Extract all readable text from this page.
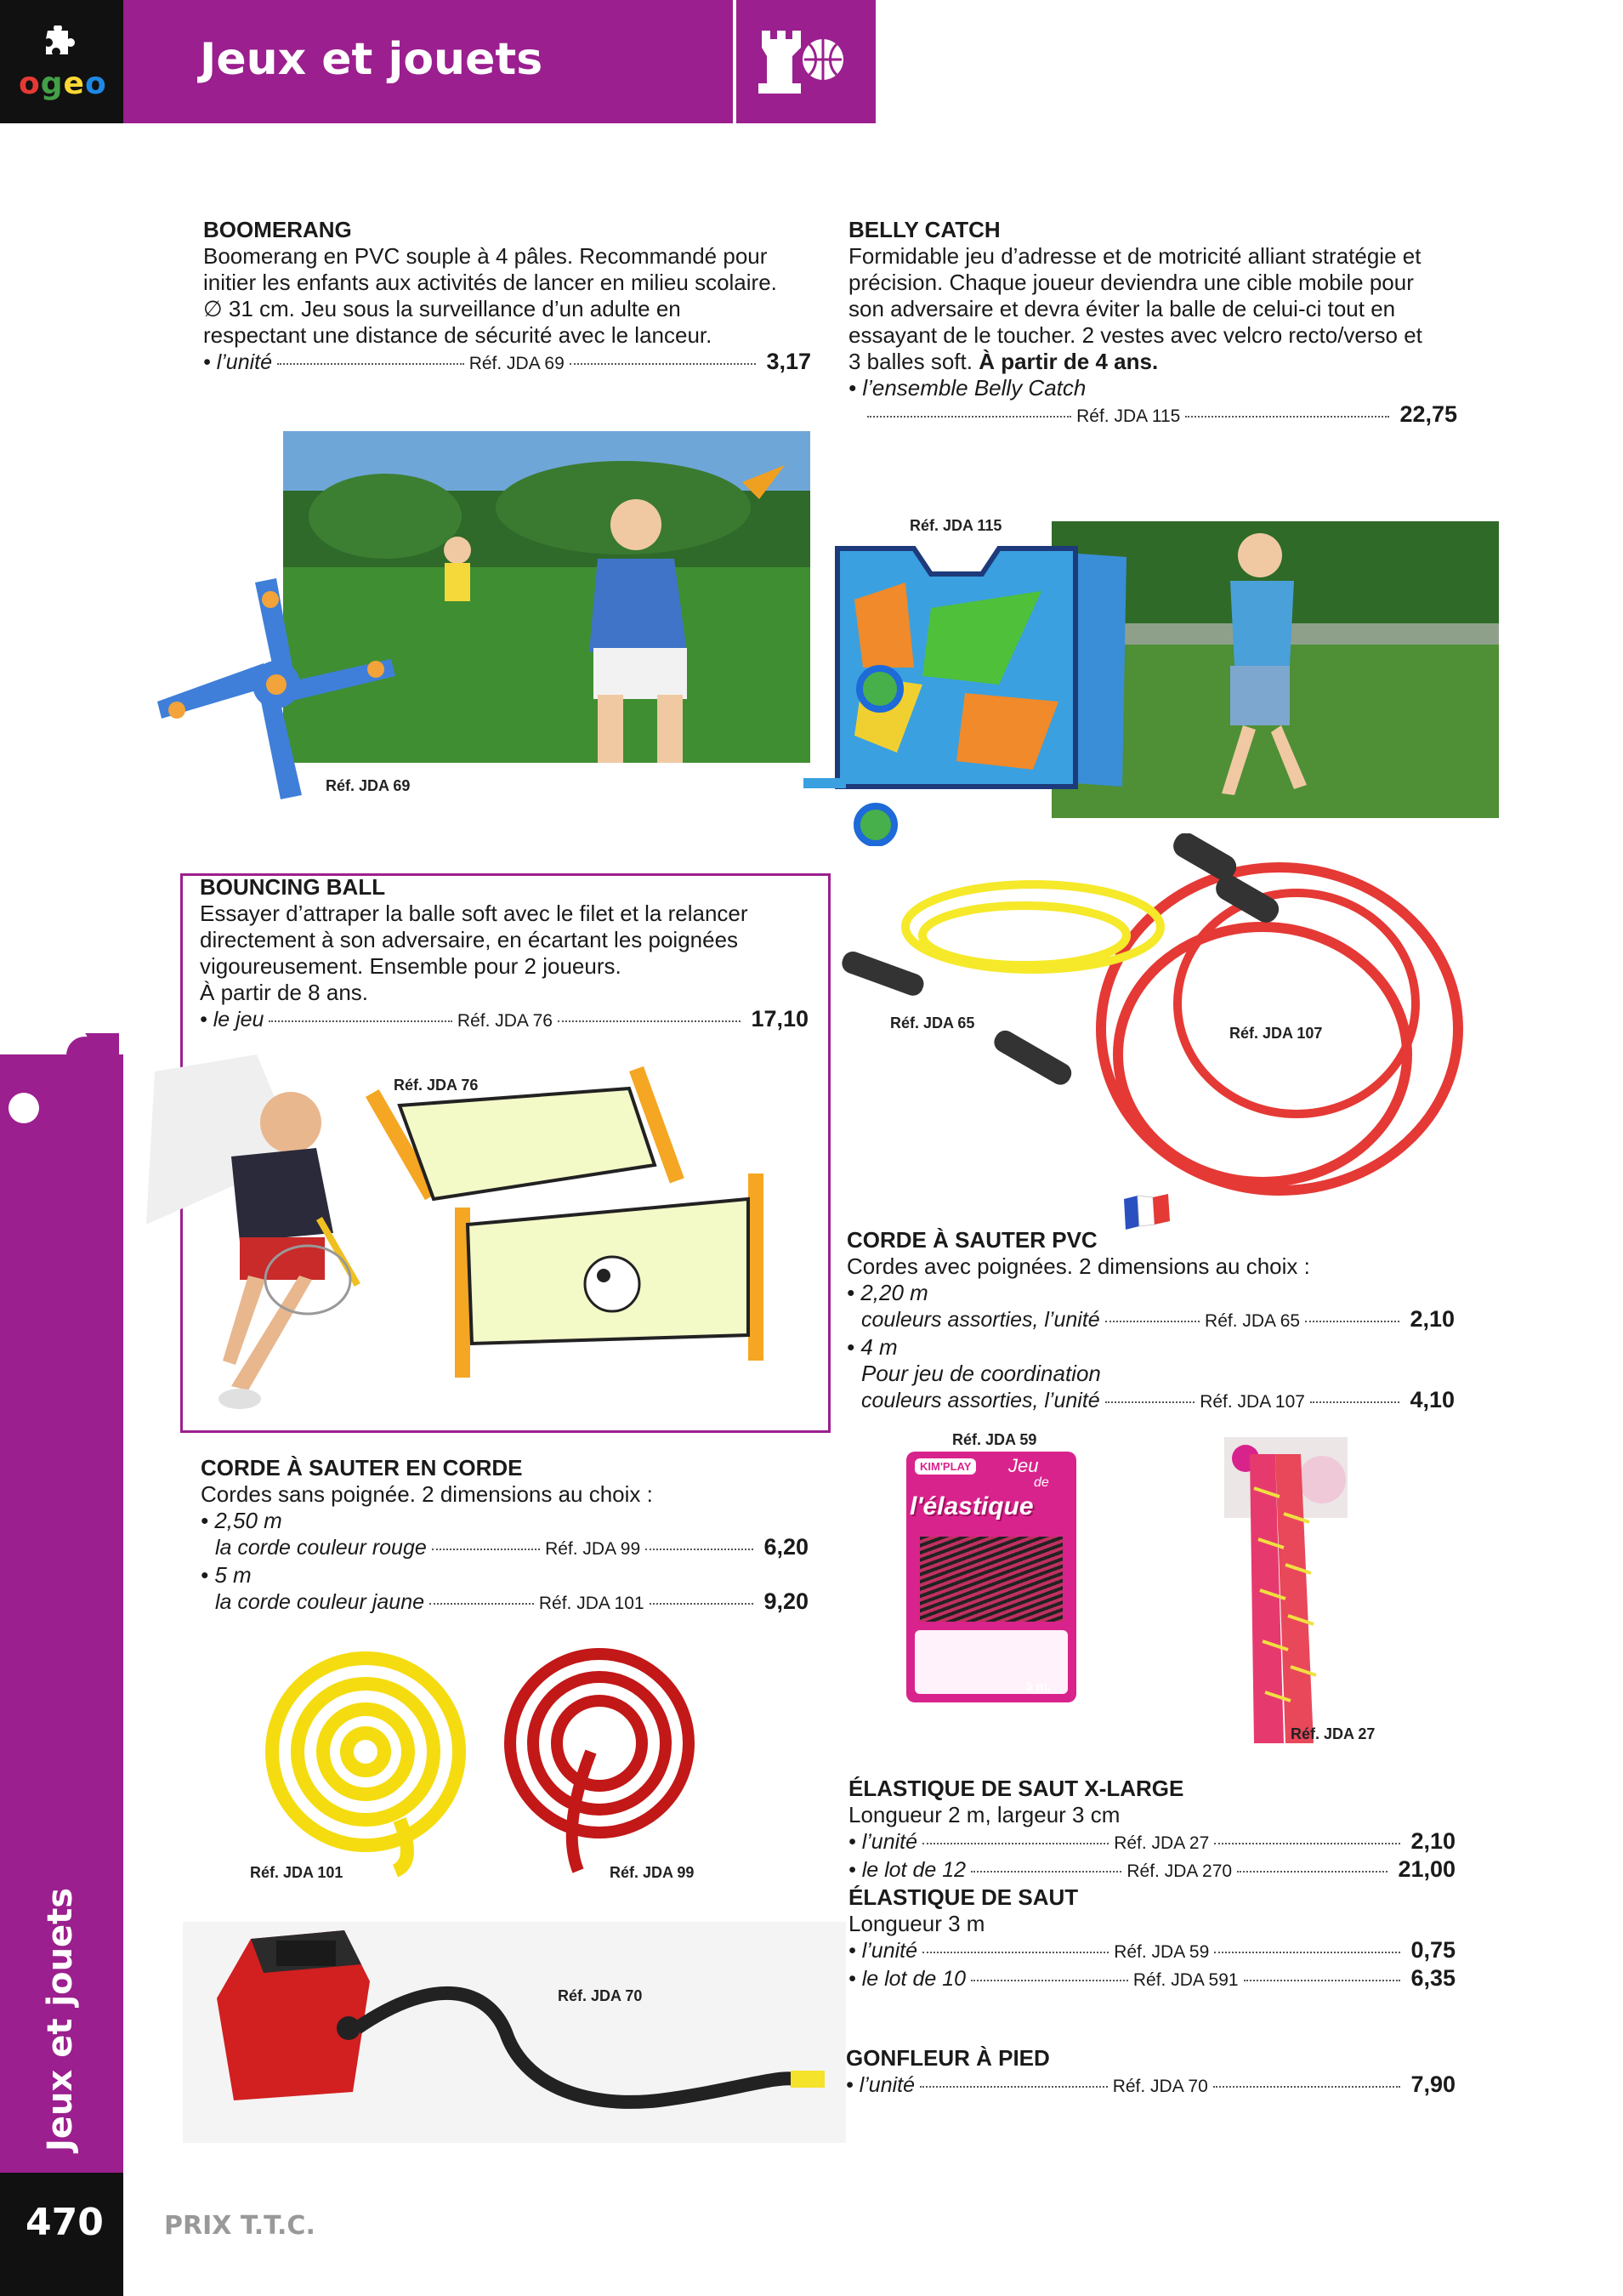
ogeo Jeux et jouets
Jeux et jouets
470 PRIX T.T.C.
BOOMERANG
Boomerang en PVC souple à 4 pâles. Recommandé pour
initier les enfants aux activités de lancer en milieu scolaire.
∅ 31 cm. Jeu sous la surveillance d’un adulte en
respectant une distance de sécurité avec le lanceur.
• l’unité	Réf. JDA 69	3,17
BELLY CATCH
Formidable jeu d’adresse et de motricité alliant stratégie et
précision. Chaque joueur deviendra une cible mobile pour
son adversaire et devra éviter la balle de celui-ci tout en
essayant de le toucher. 2 vestes avec velcro recto/verso et
3 balles soft. À partir de 4 ans.
• l’ensemble Belly Catch
Réf. JDA 115	22,75
Réf. JDA 69
Réf. JDA 115
BOUNCING BALL
Essayer d’attraper la balle soft avec le filet et la relancer
directement à son adversaire, en écartant les poignées
vigoureusement. Ensemble pour 2 joueurs.
À partir de 8 ans.
• le jeu	Réf. JDA 76	17,10
Réf. JDA 76
Réf. JDA 65
Réf. JDA 107
CORDE À SAUTER PVC
Cordes avec poignées. 2 dimensions au choix :
• 2,20 m
couleurs assorties, l’unité	Réf. JDA 65	2,10
• 4 m
Pour jeu de coordination
couleurs assorties, l’unité	Réf. JDA 107	4,10
CORDE À SAUTER EN CORDE
Cordes sans poignée. 2 dimensions au choix :
• 2,50 m
la corde couleur rouge	Réf. JDA 99	6,20
• 5 m
la corde couleur jaune	Réf. JDA 101	9,20
Réf. JDA 101	Réf. JDA 99
Réf. JDA 59
KIM'PLAY Jeu
de
l'élastique
3 m.
Réf. JDA 27
ÉLASTIQUE DE SAUT X-LARGE
Longueur 2 m, largeur 3 cm
• l’unité	Réf. JDA 27	2,10
• le lot de 12	Réf. JDA 270	21,00
ÉLASTIQUE DE SAUT
Longueur 3 m
• l’unité	Réf. JDA 59	0,75
• le lot de 10	Réf. JDA 591	6,35
Réf. JDA 70
GONFLEUR À PIED
• l’unité	Réf. JDA 70	7,90
